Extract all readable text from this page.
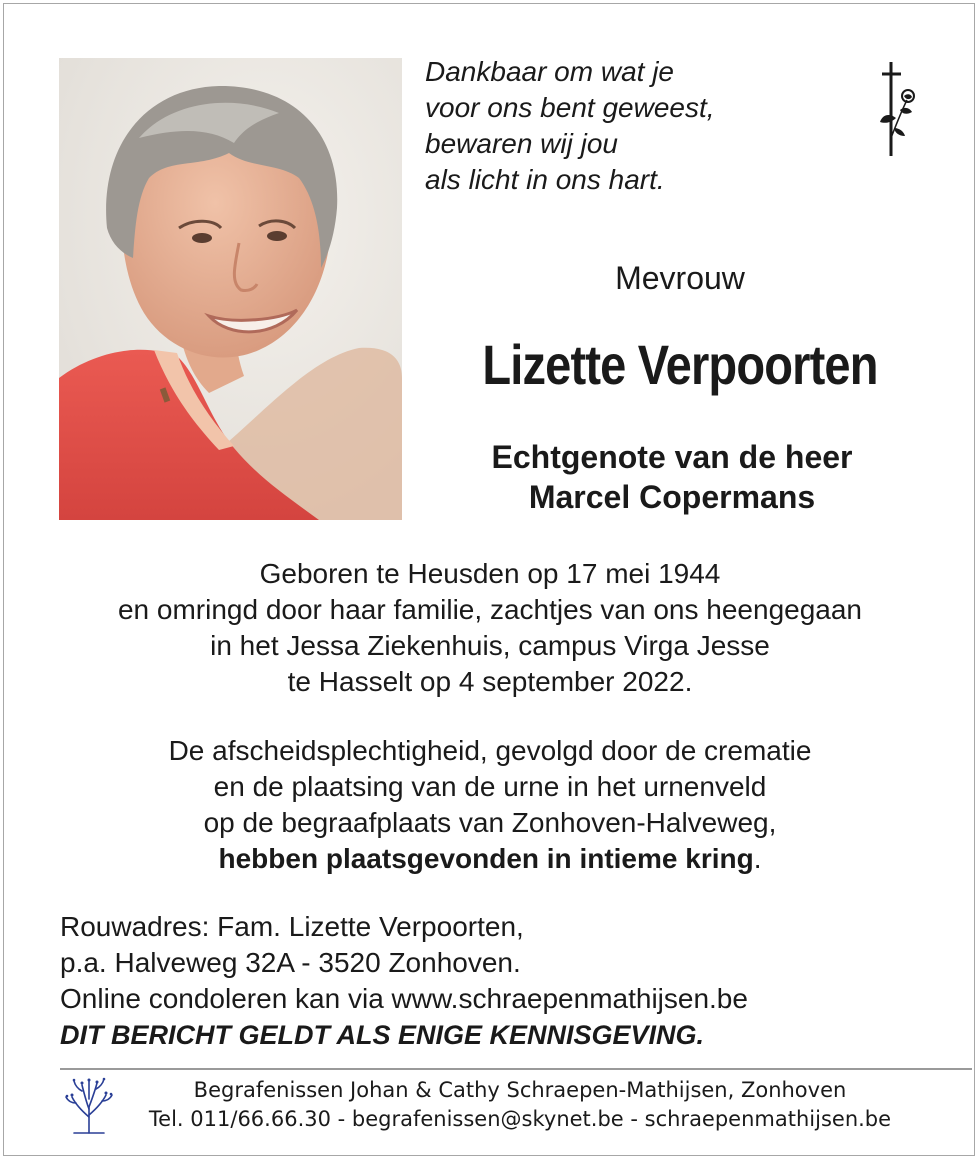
Dankbaar om wat je
voor ons bent geweest,
bewaren wij jou
als licht in ons hart.
Mevrouw
Lizette Verpoorten
Echtgenote van de heer
Marcel Copermans
Geboren te Heusden op 17 mei 1944
en omringd door haar familie, zachtjes van ons heengegaan
in het Jessa Ziekenhuis, campus Virga Jesse
te Hasselt op 4 september 2022.
De afscheidsplechtigheid, gevolgd door de crematie
en de plaatsing van de urne in het urnenveld
op de begraafplaats van Zonhoven-Halveweg,
hebben plaatsgevonden in intieme kring.
Rouwadres: Fam. Lizette Verpoorten,
p.a. Halveweg 32A - 3520 Zonhoven.
Online condoleren kan via www.schraepenmathijsen.be
DIT BERICHT GELDT ALS ENIGE KENNISGEVING.
Begrafenissen Johan & Cathy Schraepen-Mathijsen, Zonhoven
Tel. 011/66.66.30 - begrafenissen@skynet.be - schraepenmathijsen.be
